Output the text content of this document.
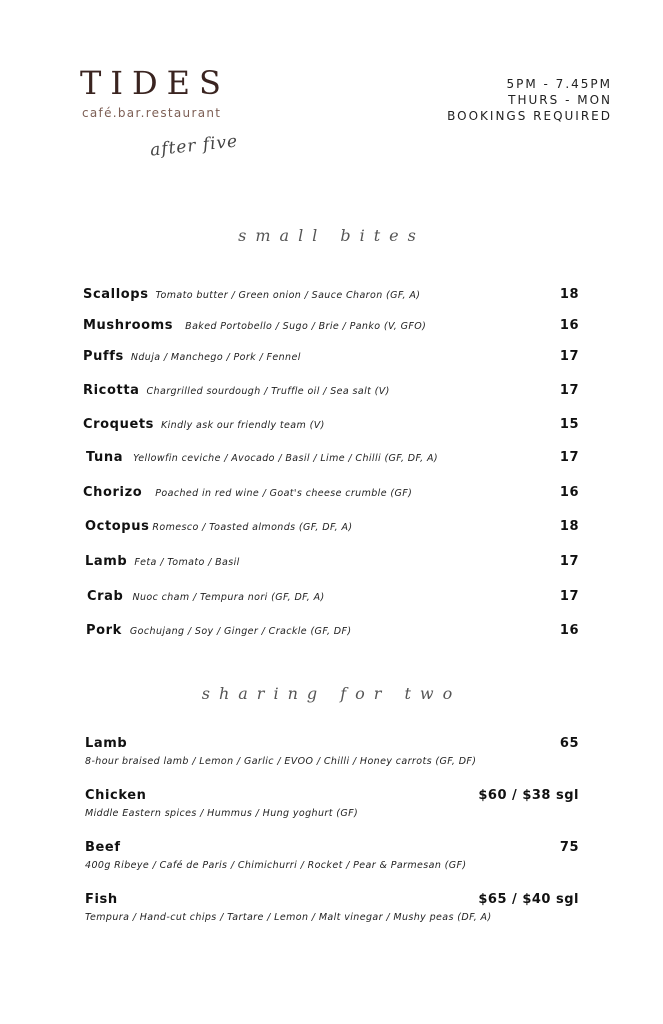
TIDES
café.bar.restaurant
after five
5PM - 7.45PM
THURS - MON
BOOKINGS REQUIRED
small bites
Scallops Tomato butter / Green onion / Sauce Charon (GF, A)	18
Mushrooms Baked Portobello / Sugo / Brie / Panko (V, GFO)	16
Puffs Nduja / Manchego / Pork / Fennel	17
Ricotta Chargrilled sourdough / Truffle oil / Sea salt (V)	17
Croquets Kindly ask our friendly team (V)	15
Tuna Yellowfin ceviche / Avocado / Basil / Lime / Chilli (GF, DF, A)	17
Chorizo Poached in red wine / Goat's cheese crumble (GF)	16
Octopus Romesco / Toasted almonds (GF, DF, A)	18
Lamb Feta / Tomato / Basil	17
Crab Nuoc cham / Tempura nori (GF, DF, A)	17
Pork Gochujang / Soy / Ginger / Crackle (GF, DF)	16
sharing for two
Lamb	65
8-hour braised lamb / Lemon / Garlic / EVOO / Chilli / Honey carrots (GF, DF)
Chicken	$60 / $38 sgl
Middle Eastern spices / Hummus / Hung yoghurt (GF)
Beef	75
400g Ribeye / Café de Paris / Chimichurri / Rocket / Pear & Parmesan (GF)
Fish	$65 / $40 sgl
Tempura / Hand-cut chips / Tartare / Lemon / Malt vinegar / Mushy peas (DF, A)
